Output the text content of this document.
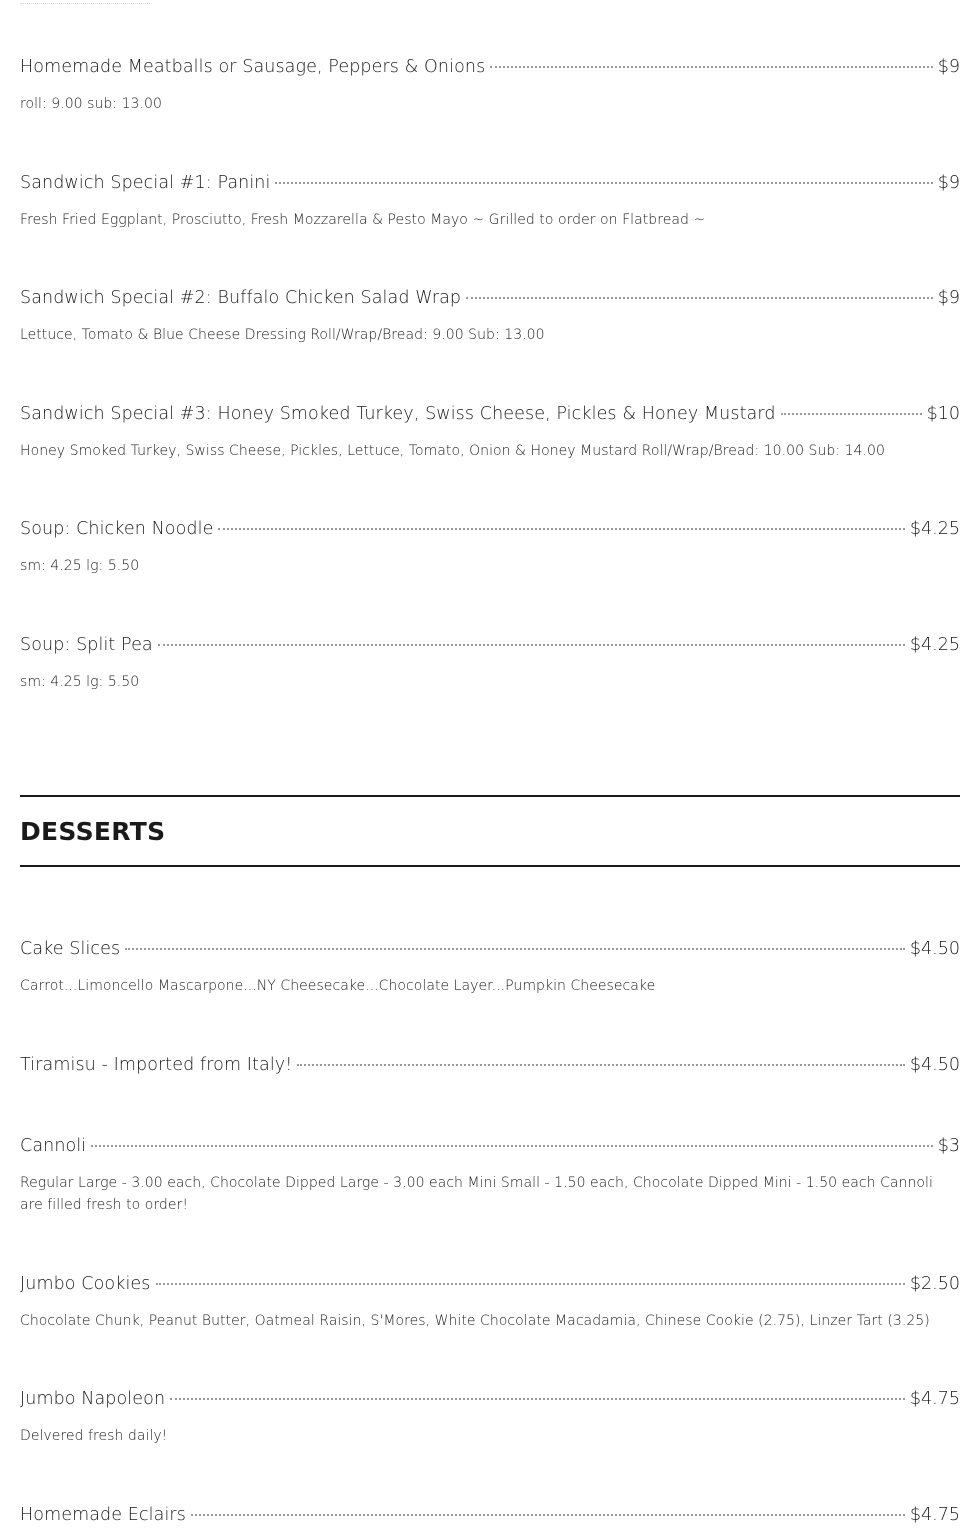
Homemade Meatballs or Sausage, Peppers & Onions	$9
roll: 9.00 sub: 13.00
Sandwich Special #1: Panini	$9
Fresh Fried Eggplant, Prosciutto, Fresh Mozzarella & Pesto Mayo ~ Grilled to order on Flatbread ~
Sandwich Special #2: Buffalo Chicken Salad Wrap	$9
Lettuce, Tomato & Blue Cheese Dressing Roll/Wrap/Bread: 9.00 Sub: 13.00
Sandwich Special #3: Honey Smoked Turkey, Swiss Cheese, Pickles & Honey Mustard	$10
Honey Smoked Turkey, Swiss Cheese, Pickles, Lettuce, Tomato, Onion & Honey Mustard Roll/Wrap/Bread: 10.00 Sub: 14.00
Soup: Chicken Noodle	$4.25
sm: 4.25 lg: 5.50
Soup: Split Pea	$4.25
sm: 4.25 lg: 5.50
DESSERTS
Cake Slices	$4.50
Carrot...Limoncello Mascarpone...NY Cheesecake...Chocolate Layer...Pumpkin Cheesecake
Tiramisu - Imported from Italy!	$4.50
Cannoli	$3
Regular Large - 3.00 each, Chocolate Dipped Large - 3.00 each Mini Small - 1.50 each, Chocolate Dipped Mini - 1.50 each Cannoli are filled fresh to order!
Jumbo Cookies	$2.50
Chocolate Chunk, Peanut Butter, Oatmeal Raisin, S'Mores, White Chocolate Macadamia, Chinese Cookie (2.75), Linzer Tart (3.25)
Jumbo Napoleon	$4.75
Delvered fresh daily!
Homemade Eclairs	$4.75
